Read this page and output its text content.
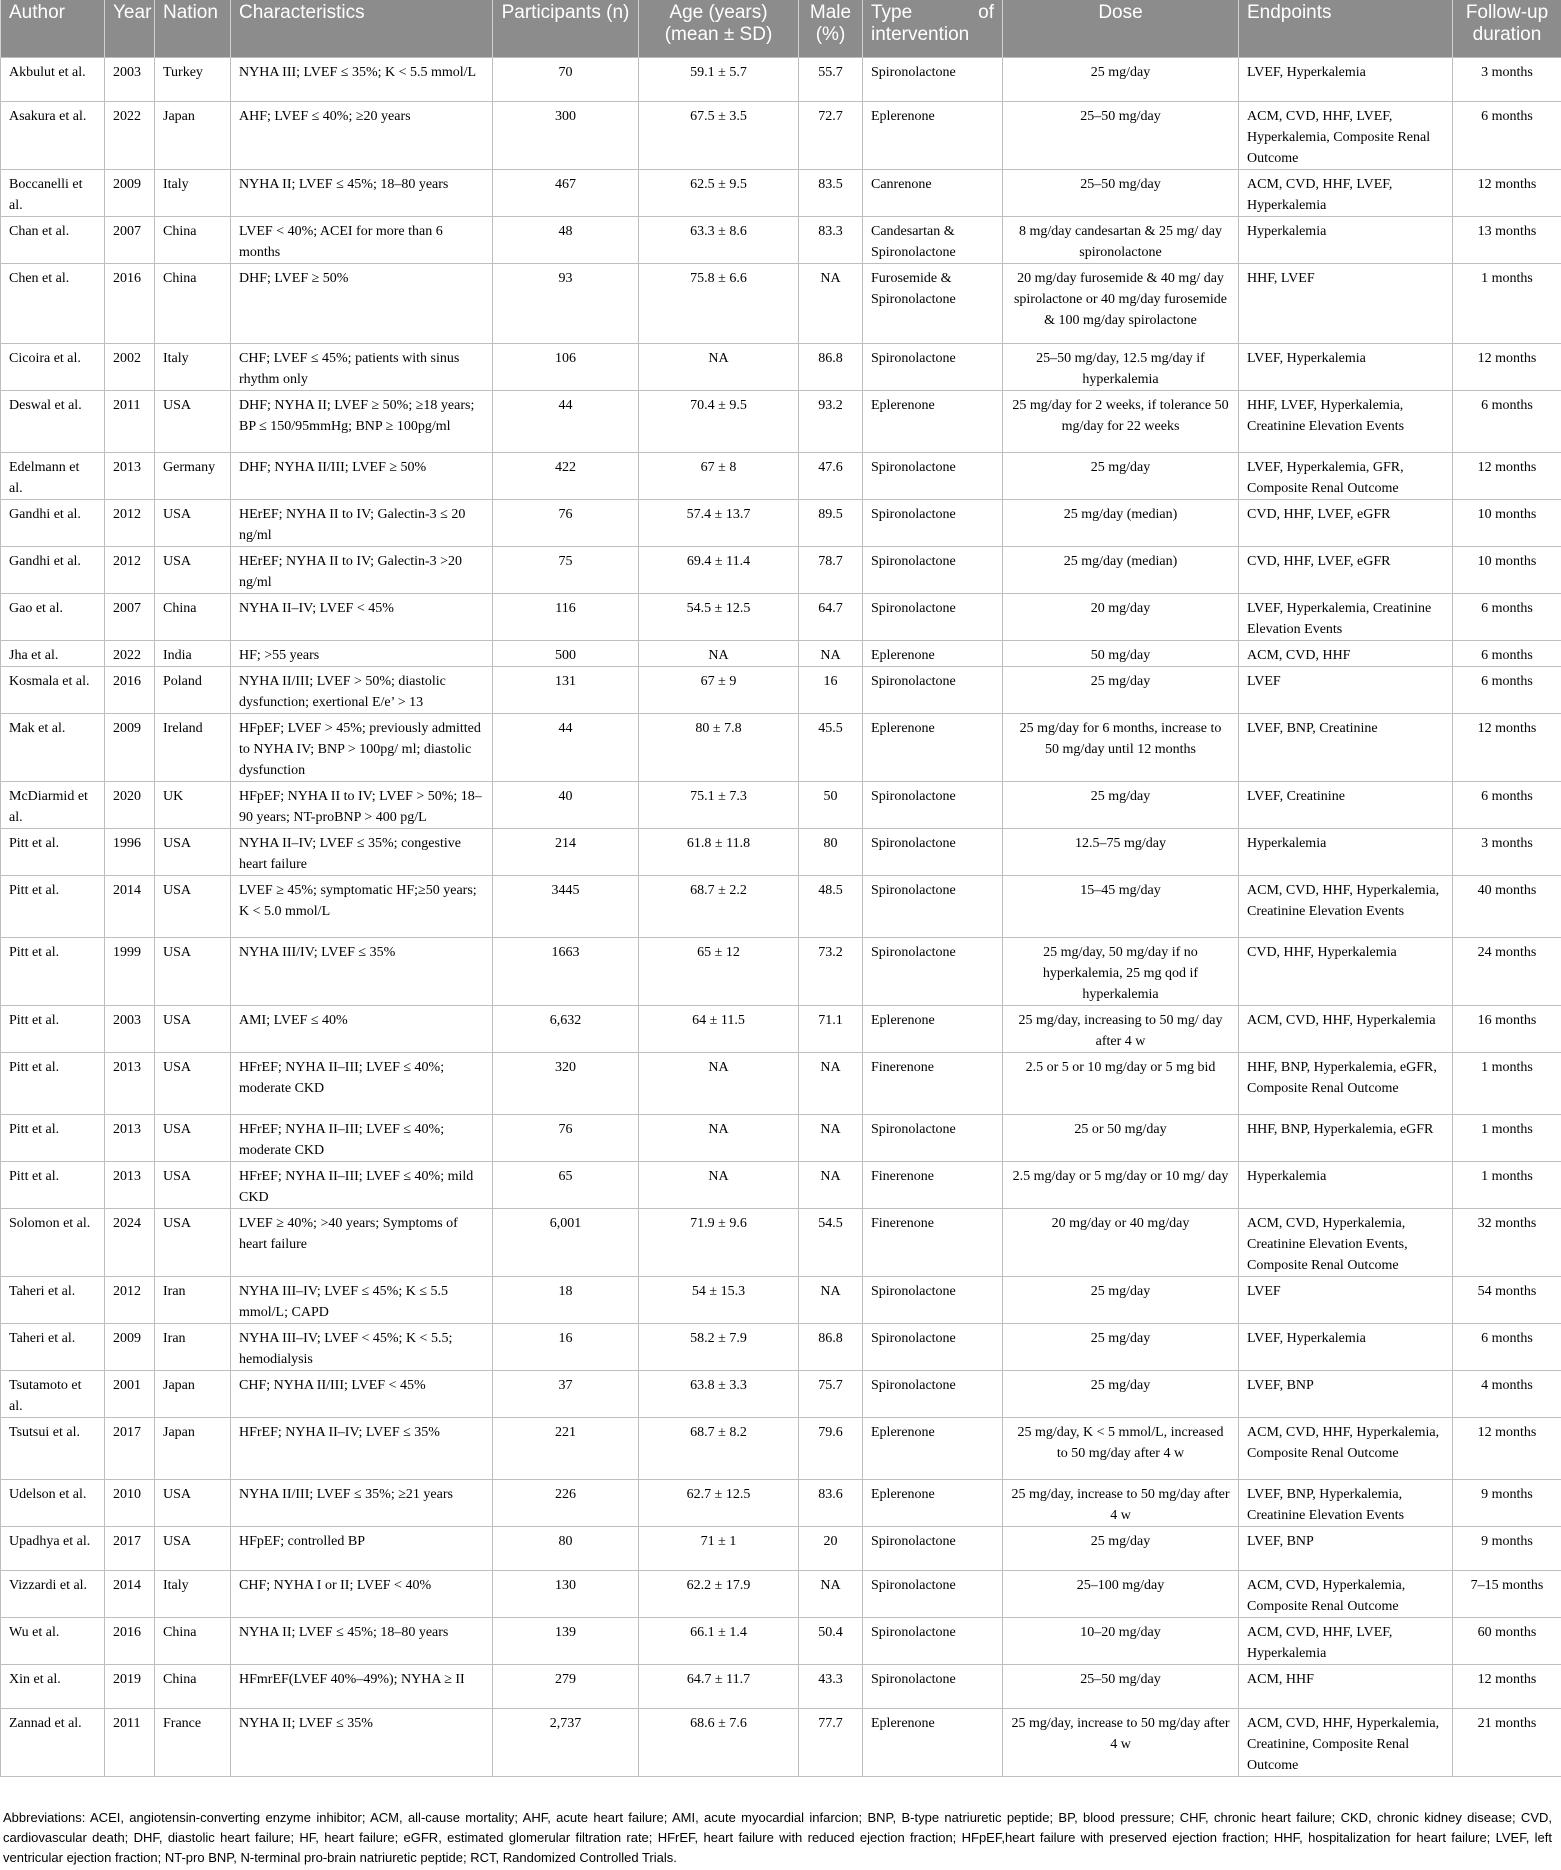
Author	Year	Nation	Characteristics	Participants (n)	Age (years) (mean ± SD)	Male (%)	Type of intervention	Dose	Endpoints	Follow-up duration
Akbulut et al.	2003	Turkey	NYHA III; LVEF ≤ 35%; K < 5.5 mmol/L	70	59.1 ± 5.7	55.7	Spironolactone	25 mg/day	LVEF, Hyperkalemia	3 months
Asakura et al.	2022	Japan	AHF; LVEF ≤ 40%; ≥20 years	300	67.5 ± 3.5	72.7	Eplerenone	25–50 mg/day	ACM, CVD, HHF, LVEF, Hyperkalemia, Composite Renal Outcome	6 months
Boccanelli et al.	2009	Italy	NYHA II; LVEF ≤ 45%; 18–80 years	467	62.5 ± 9.5	83.5	Canrenone	25–50 mg/day	ACM, CVD, HHF, LVEF, Hyperkalemia	12 months
Chan et al.	2007	China	LVEF < 40%; ACEI for more than 6 months	48	63.3 ± 8.6	83.3	Candesartan & Spironolactone	8 mg/day candesartan & 25 mg/ day spironolactone	Hyperkalemia	13 months
Chen et al.	2016	China	DHF; LVEF ≥ 50%	93	75.8 ± 6.6	NA	Furosemide & Spironolactone	20 mg/day furosemide & 40 mg/ day spirolactone or 40 mg/day furosemide & 100 mg/day spirolactone	HHF, LVEF	1 months
Cicoira et al.	2002	Italy	CHF; LVEF ≤ 45%; patients with sinus rhythm only	106	NA	86.8	Spironolactone	25–50 mg/day, 12.5 mg/day if hyperkalemia	LVEF, Hyperkalemia	12 months
Deswal et al.	2011	USA	DHF; NYHA II; LVEF ≥ 50%; ≥18 years; BP ≤ 150/95mmHg; BNP ≥ 100pg/ml	44	70.4 ± 9.5	93.2	Eplerenone	25 mg/day for 2 weeks, if tolerance 50 mg/day for 22 weeks	HHF, LVEF, Hyperkalemia, Creatinine Elevation Events	6 months
Edelmann et al.	2013	Germany	DHF; NYHA II/III; LVEF ≥ 50%	422	67 ± 8	47.6	Spironolactone	25 mg/day	LVEF, Hyperkalemia, GFR, Composite Renal Outcome	12 months
Gandhi et al.	2012	USA	HErEF; NYHA II to IV; Galectin-3 ≤ 20 ng/ml	76	57.4 ± 13.7	89.5	Spironolactone	25 mg/day (median)	CVD, HHF, LVEF, eGFR	10 months
Gandhi et al.	2012	USA	HErEF; NYHA II to IV; Galectin-3 >20 ng/ml	75	69.4 ± 11.4	78.7	Spironolactone	25 mg/day (median)	CVD, HHF, LVEF, eGFR	10 months
Gao et al.	2007	China	NYHA II–IV; LVEF < 45%	116	54.5 ± 12.5	64.7	Spironolactone	20 mg/day	LVEF, Hyperkalemia, Creatinine Elevation Events	6 months
Jha et al.	2022	India	HF; >55 years	500	NA	NA	Eplerenone	50 mg/day	ACM, CVD, HHF	6 months
Kosmala et al.	2016	Poland	NYHA II/III; LVEF > 50%; diastolic dysfunction; exertional E/e’ > 13	131	67 ± 9	16	Spironolactone	25 mg/day	LVEF	6 months
Mak et al.	2009	Ireland	HFpEF; LVEF > 45%; previously admitted to NYHA IV; BNP > 100pg/ ml; diastolic dysfunction	44	80 ± 7.8	45.5	Eplerenone	25 mg/day for 6 months, increase to 50 mg/day until 12 months	LVEF, BNP, Creatinine	12 months
McDiarmid et al.	2020	UK	HFpEF; NYHA II to IV; LVEF > 50%; 18–90 years; NT-proBNP > 400 pg/L	40	75.1 ± 7.3	50	Spironolactone	25 mg/day	LVEF, Creatinine	6 months
Pitt et al.	1996	USA	NYHA II–IV; LVEF ≤ 35%; congestive heart failure	214	61.8 ± 11.8	80	Spironolactone	12.5–75 mg/day	Hyperkalemia	3 months
Pitt et al.	2014	USA	LVEF ≥ 45%; symptomatic HF;≥50 years; K < 5.0 mmol/L	3445	68.7 ± 2.2	48.5	Spironolactone	15–45 mg/day	ACM, CVD, HHF, Hyperkalemia, Creatinine Elevation Events	40 months
Pitt et al.	1999	USA	NYHA III/IV; LVEF ≤ 35%	1663	65 ± 12	73.2	Spironolactone	25 mg/day, 50 mg/day if no hyperkalemia, 25 mg qod if hyperkalemia	CVD, HHF, Hyperkalemia	24 months
Pitt et al.	2003	USA	AMI; LVEF ≤ 40%	6,632	64 ± 11.5	71.1	Eplerenone	25 mg/day, increasing to 50 mg/ day after 4 w	ACM, CVD, HHF, Hyperkalemia	16 months
Pitt et al.	2013	USA	HFrEF; NYHA II–III; LVEF ≤ 40%; moderate CKD	320	NA	NA	Finerenone	2.5 or 5 or 10 mg/day or 5 mg bid	HHF, BNP, Hyperkalemia, eGFR, Composite Renal Outcome	1 months
Pitt et al.	2013	USA	HFrEF; NYHA II–III; LVEF ≤ 40%; moderate CKD	76	NA	NA	Spironolactone	25 or 50 mg/day	HHF, BNP, Hyperkalemia, eGFR	1 months
Pitt et al.	2013	USA	HFrEF; NYHA II–III; LVEF ≤ 40%; mild CKD	65	NA	NA	Finerenone	2.5 mg/day or 5 mg/day or 10 mg/ day	Hyperkalemia	1 months
Solomon et al.	2024	USA	LVEF ≥ 40%; >40 years; Symptoms of heart failure	6,001	71.9 ± 9.6	54.5	Finerenone	20 mg/day or 40 mg/day	ACM, CVD, Hyperkalemia, Creatinine Elevation Events, Composite Renal Outcome	32 months
Taheri et al.	2012	Iran	NYHA III–IV; LVEF ≤ 45%; K ≤ 5.5 mmol/L; CAPD	18	54 ± 15.3	NA	Spironolactone	25 mg/day	LVEF	54 months
Taheri et al.	2009	Iran	NYHA III–IV; LVEF < 45%; K < 5.5; hemodialysis	16	58.2 ± 7.9	86.8	Spironolactone	25 mg/day	LVEF, Hyperkalemia	6 months
Tsutamoto et al.	2001	Japan	CHF; NYHA II/III; LVEF < 45%	37	63.8 ± 3.3	75.7	Spironolactone	25 mg/day	LVEF, BNP	4 months
Tsutsui et al.	2017	Japan	HFrEF; NYHA II–IV; LVEF ≤ 35%	221	68.7 ± 8.2	79.6	Eplerenone	25 mg/day, K < 5 mmol/L, increased to 50 mg/day after 4 w	ACM, CVD, HHF, Hyperkalemia, Composite Renal Outcome	12 months
Udelson et al.	2010	USA	NYHA II/III; LVEF ≤ 35%; ≥21 years	226	62.7 ± 12.5	83.6	Eplerenone	25 mg/day, increase to 50 mg/day after 4 w	LVEF, BNP, Hyperkalemia, Creatinine Elevation Events	9 months
Upadhya et al.	2017	USA	HFpEF; controlled BP	80	71 ± 1	20	Spironolactone	25 mg/day	LVEF, BNP	9 months
Vizzardi et al.	2014	Italy	CHF; NYHA I or II; LVEF < 40%	130	62.2 ± 17.9	NA	Spironolactone	25–100 mg/day	ACM, CVD, Hyperkalemia, Composite Renal Outcome	7–15 months
Wu et al.	2016	China	NYHA II; LVEF ≤ 45%; 18–80 years	139	66.1 ± 1.4	50.4	Spironolactone	10–20 mg/day	ACM, CVD, HHF, LVEF, Hyperkalemia	60 months
Xin et al.	2019	China	HFmrEF(LVEF 40%–49%); NYHA ≥ II	279	64.7 ± 11.7	43.3	Spironolactone	25–50 mg/day	ACM, HHF	12 months
Zannad et al.	2011	France	NYHA II; LVEF ≤ 35%	2,737	68.6 ± 7.6	77.7	Eplerenone	25 mg/day, increase to 50 mg/day after 4 w	ACM, CVD, HHF, Hyperkalemia, Creatinine, Composite Renal Outcome	21 months
Abbreviations: ACEI, angiotensin-converting enzyme inhibitor; ACM, all-cause mortality; AHF, acute heart failure; AMI, acute myocardial infarcion; BNP, B-type natriuretic peptide; BP, blood pressure; CHF, chronic heart failure; CKD, chronic kidney disease; CVD, cardiovascular death; DHF, diastolic heart failure; HF, heart failure; eGFR, estimated glomerular filtration rate; HFrEF, heart failure with reduced ejection fraction; HFpEF,heart failure with preserved ejection fraction; HHF, hospitalization for heart failure; LVEF, left ventricular ejection fraction; NT-pro BNP, N-terminal pro-brain natriuretic peptide; RCT, Randomized Controlled Trials.
